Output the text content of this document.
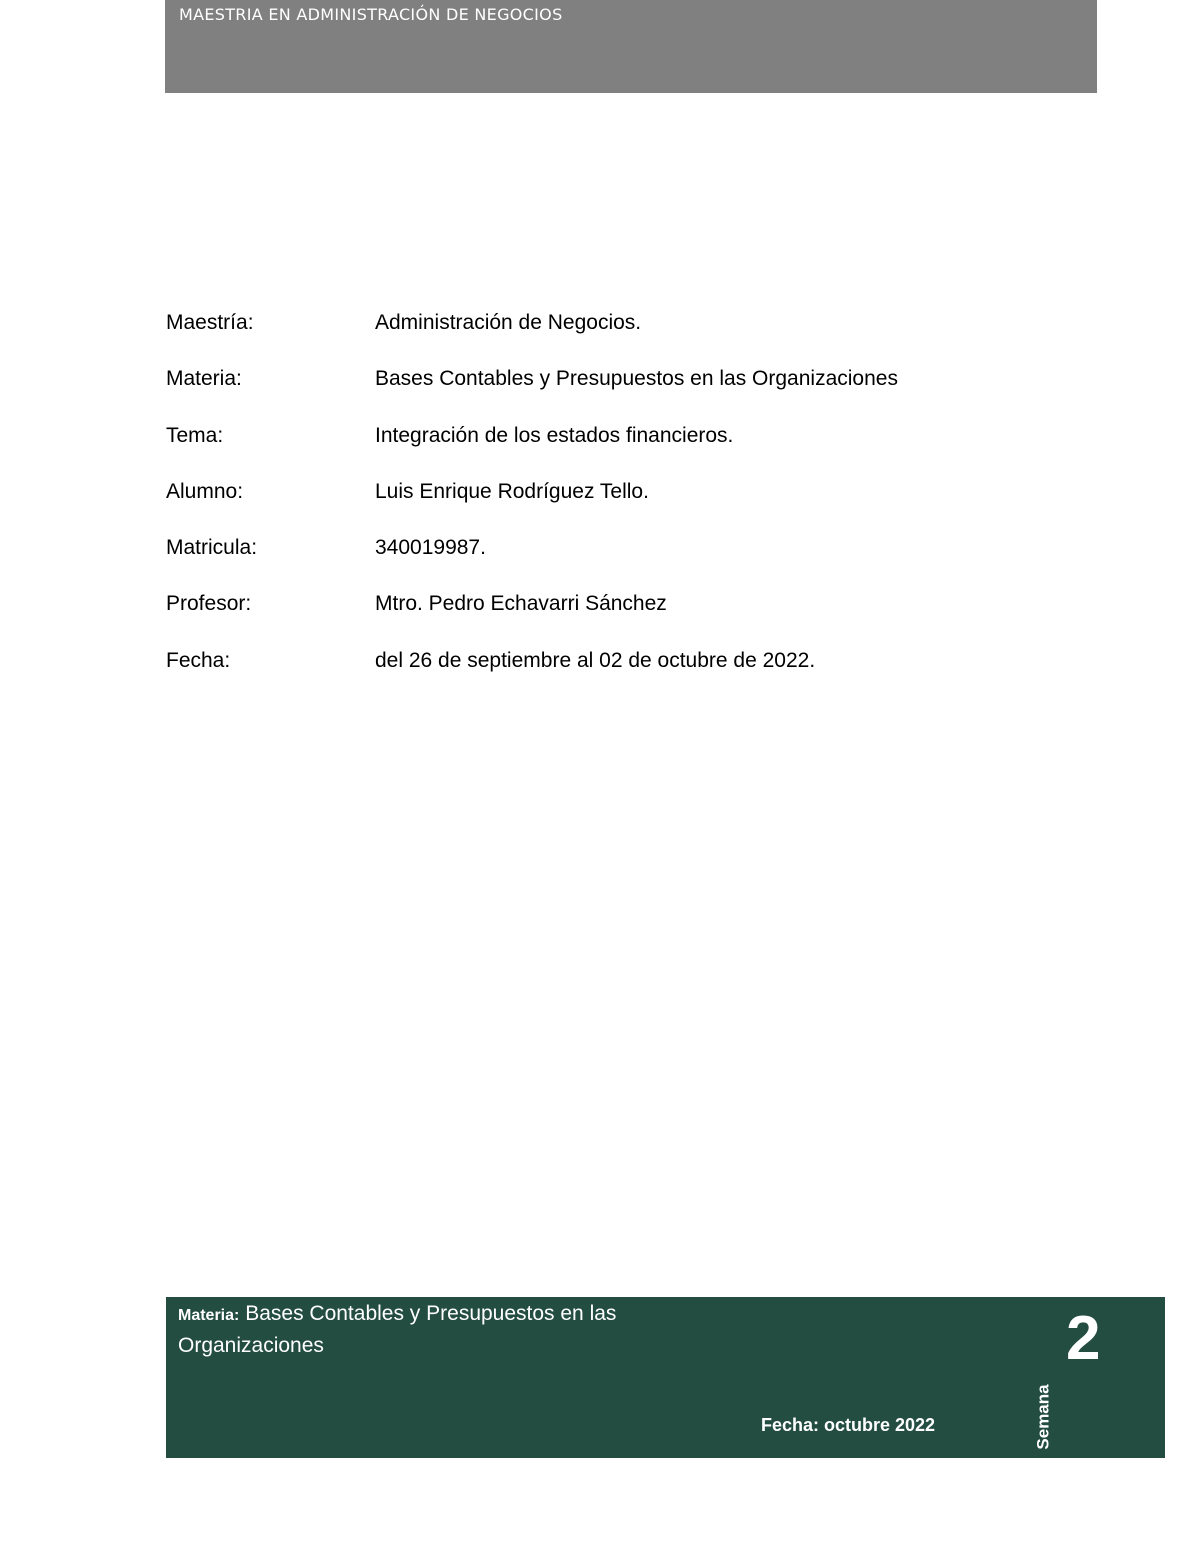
MAESTRIA EN ADMINISTRACIÓN DE NEGOCIOS
Maestría:	Administración de Negocios.
Materia:	Bases Contables y Presupuestos en las Organizaciones
Tema:	Integración de los estados financieros.
Alumno:	Luis Enrique Rodríguez Tello.
Matricula:	340019987.
Profesor:	Mtro. Pedro Echavarri Sánchez
Fecha:	del 26 de septiembre al 02 de octubre de 2022.
Materia: Bases Contables y Presupuestos en las Organizaciones
Fecha: octubre 2022	Semana
2
